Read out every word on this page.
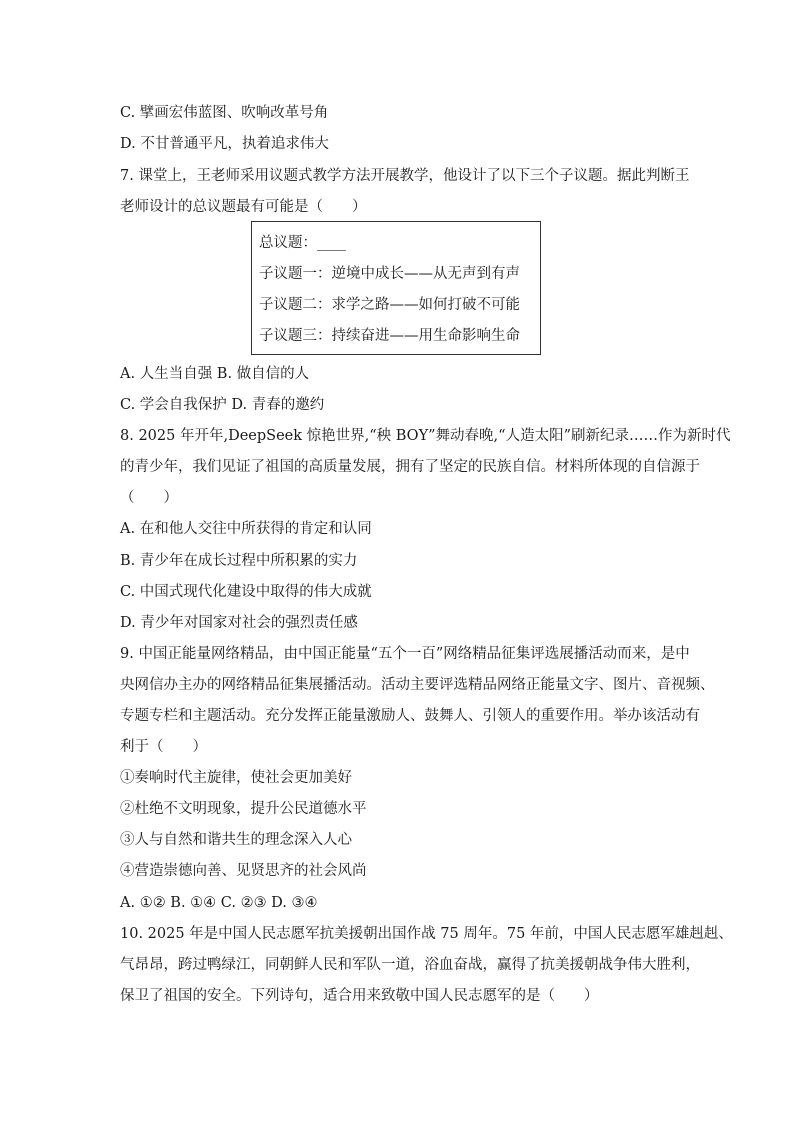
C. 擘画宏伟蓝图、吹响改革号角
D. 不甘普通平凡，执着追求伟大
7. 课堂上，王老师采用议题式教学方法开展教学，他设计了以下三个子议题。据此判断王
老师设计的总议题最有可能是（　　）
总议题：____
子议题一：逆境中成长——从无声到有声
子议题二：求学之路——如何打破不可能
子议题三：持续奋进——用生命影响生命
A. 人生当自强 B. 做自信的人
C. 学会自我保护 D. 青春的邀约
8. 2025 年开年,DeepSeek 惊艳世界,“秧 BOY”舞动春晚,“人造太阳”刷新纪录……作为新时代
的青少年，我们见证了祖国的高质量发展，拥有了坚定的民族自信。材料所体现的自信源于
（　　）
A. 在和他人交往中所获得的肯定和认同
B. 青少年在成长过程中所积累的实力
C. 中国式现代化建设中取得的伟大成就
D. 青少年对国家对社会的强烈责任感
9. 中国正能量网络精品，由中国正能量“五个一百”网络精品征集评选展播活动而来，是中
央网信办主办的网络精品征集展播活动。活动主要评选精品网络正能量文字、图片、音视频、
专题专栏和主题活动。充分发挥正能量激励人、鼓舞人、引领人的重要作用。举办该活动有
利于（　　）
①奏响时代主旋律，使社会更加美好
②杜绝不文明现象，提升公民道德水平
③人与自然和谐共生的理念深入人心
④营造崇德向善、见贤思齐的社会风尚
A. ①② B. ①④ C. ②③ D. ③④
10. 2025 年是中国人民志愿军抗美援朝出国作战 75 周年。75 年前，中国人民志愿军雄赳赳、
气昂昂，跨过鸭绿江，同朝鲜人民和军队一道，浴血奋战，赢得了抗美援朝战争伟大胜利，
保卫了祖国的安全。下列诗句，适合用来致敬中国人民志愿军的是（　　）
